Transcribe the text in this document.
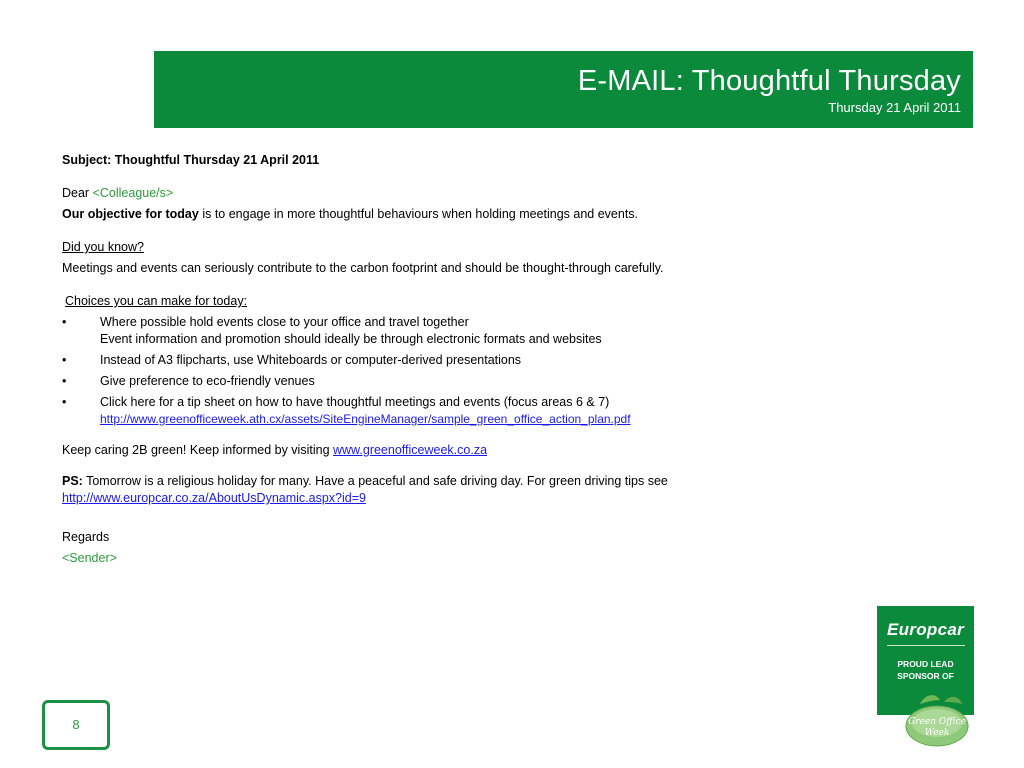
E-MAIL: Thoughtful Thursday
Thursday 21 April 2011
Subject: Thoughtful Thursday 21 April 2011
Dear <Colleague/s>
Our objective for today is to engage in more thoughtful behaviours when holding meetings and events.
Did you know?
Meetings and events can seriously contribute to the carbon footprint and should be thought-through carefully.
Choices you can make for today:
•	Where possible hold events close to your office and travel together
Event information and promotion should ideally be through electronic formats and websites
•	Instead of A3 flipcharts, use Whiteboards or computer-derived presentations
•	Give preference to eco-friendly venues
•	Click here for a tip sheet on how to have thoughtful meetings and events (focus areas 6 & 7)
http://www.greenofficeweek.ath.cx/assets/SiteEngineManager/sample_green_office_action_plan.pdf
Keep caring 2B green! Keep informed by visiting www.greenofficeweek.co.za
PS: Tomorrow is a religious holiday for many. Have a peaceful and safe driving day. For green driving tips see
http://www.europcar.co.za/AboutUsDynamic.aspx?id=9
Regards
<Sender>
8
Europcar
PROUD LEAD
SPONSOR OF
Green Office
Week
